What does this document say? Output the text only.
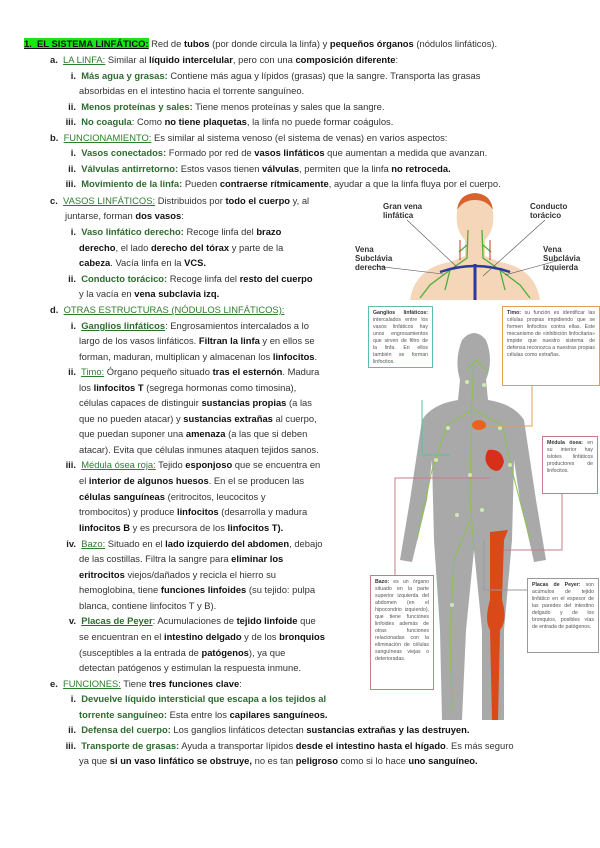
1. EL SISTEMA LINFÁTICO: Red de tubos (por donde circula la linfa) y pequeños órganos (nódulos linfáticos).
a. LA LINFA: Similar al líquido intercelular, pero con una composición diferente:
i. Más agua y grasas: Contiene más agua y lípidos (grasas) que la sangre. Transporta las grasas
absorbidas en el intestino hacia el torrente sanguíneo.
ii. Menos proteínas y sales: Tiene menos proteínas y sales que la sangre.
iii. No coagula: Como no tiene plaquetas, la linfa no puede formar coágulos.
b. FUNCIONAMIENTO: Es similar al sistema venoso (el sistema de venas) en varios aspectos:
i. Vasos conectados: Formado por red de vasos linfáticos que aumentan a medida que avanzan.
ii. Válvulas antirretorno: Estos vasos tienen válvulas, permiten que la linfa no retroceda.
iii. Movimiento de la linfa: Pueden contraerse rítmicamente, ayudar a que la linfa fluya por el cuerpo.
c. VASOS LINFÁTICOS: Distribuidos por todo el cuerpo y, al
juntarse, forman dos vasos:
i. Vaso linfático derecho: Recoge linfa del brazo
derecho, el lado derecho del tórax y parte de la
cabeza. Vacía linfa en la VCS.
ii. Conducto torácico: Recoge linfa del resto del cuerpo
y la vacía en vena subclavia izq.
d. OTRAS ESTRUCTURAS (NÓDULOS LINFÁTICOS):
i. Ganglios linfáticos: Engrosamientos intercalados a lo
largo de los vasos linfáticos. Filtran la linfa y en ellos se
forman, maduran, multiplican y almacenan los linfocitos.
ii. Timo: Órgano pequeño situado tras el esternón. Madura
los linfocitos T (segrega hormonas como timosina),
células capaces de distinguir sustancias propias (a las
que no pueden atacar) y sustancias extrañas al cuerpo,
que puedan suponer una amenaza (a las que si deben
atacar). Evita que células inmunes ataquen tejidos sanos.
iii. Médula ósea roja: Tejido esponjoso que se encuentra en
el interior de algunos huesos. En el se producen las
células sanguíneas (eritrocitos, leucocitos y
trombocitos) y produce linfocitos (desarrolla y madura
linfocitos B y es precursora de los linfocitos T).
iv. Bazo: Situado en el lado izquierdo del abdomen, debajo
de las costillas. Filtra la sangre para eliminar los
eritrocitos viejos/dañados y recicla el hierro su
hemoglobina, tiene funciones linfoides (su tejido: pulpa
blanca, contiene linfocitos T y B).
v. Placas de Peyer: Acumulaciones de tejido linfoide que
se encuentran en el intestino delgado y de los bronquios
(susceptibles a la entrada de patógenos), ya que
detectan patógenos y estimulan la respuesta inmune.
e. FUNCIONES: Tiene tres funciones clave:
i. Devuelve líquido intersticial que escapa a los tejidos al
torrente sanguíneo: Esta entre los capilares sanguíneos.
ii. Defensa del cuerpo: Los ganglios linfáticos detectan sustancias extrañas y las destruyen.
iii. Transporte de grasas: Ayuda a transportar lípidos desde el intestino hasta el hígado. Es más seguro
ya que si un vaso linfático se obstruye, no es tan peligroso como si lo hace uno sanguíneo.
Gran vena
linfática
Conducto
torácico
Vena
Subclávia
derecha
Vena
Subclávia
izquierda
Ganglios linfáticos: intercalados entre los vasos linfáticos hay unos engrosamientos que sirven de filtro de la linfa. En ellos también se forman linfocitos.
Timo: su función es identificar las células propias impidiendo que se formen linfocitos contra ellas. Este mecanismo de «inhibición linfocitaria» impide que nuestro sistema de defensa reconozca a nuestras propias células como extrañas.
Médula ósea: en su interior hay islotes linfáticos productores de linfocitos.
Bazo: es un órgano situado en la parte superior izquierda del abdomen (en el hipocondrio izquierdo), que tiene funciones linfoides además de otras funciones relacionadas con la eliminación de células sanguíneas viejas o deterioradas.
Placas de Peyer: son acúmulos de tejido linfático en el espesor de las paredes del intestino delgado y de los bronquios, posibles vías de entrada de patógenos.
